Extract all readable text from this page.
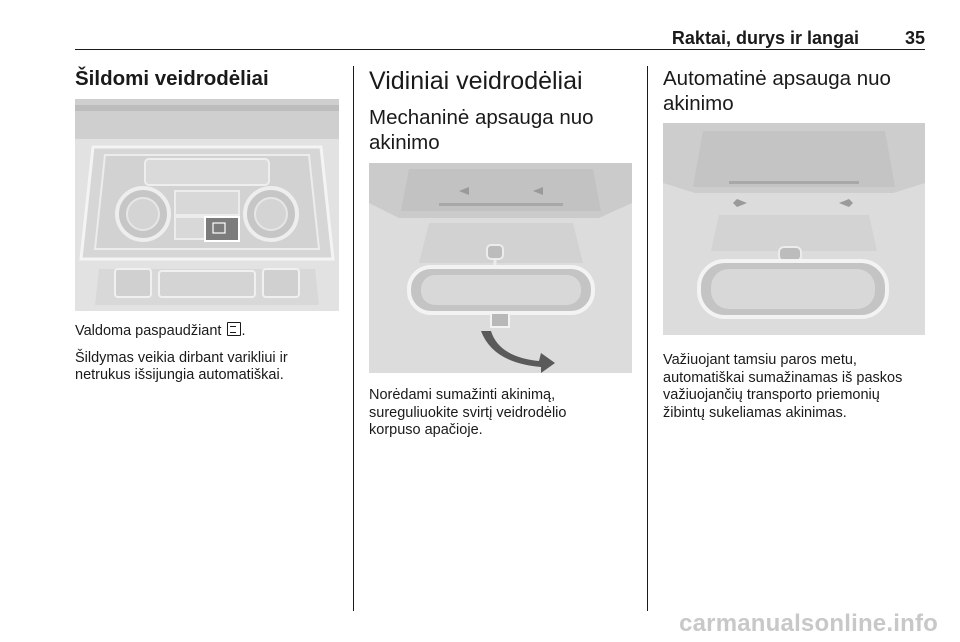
Raktai, durys ir langai	35

Šildomi veidrodėliai

Valdoma paspaudžiant .

Šildymas veikia dirbant varikliui ir

netrukus išsijungia automatiškai.

Vidiniai veidrodėliai

Mechaninė apsauga nuo

akinimo

Norėdami sumažinti akinimą,

sureguliuokite svirtį veidrodėlio

korpuso apačioje.

Automatinė apsauga nuo

akinimo

Važiuojant tamsiu paros metu,

automatiškai sumažinamas iš paskos

važiuojančių transporto priemonių

žibintų sukeliamas akinimas.

carmanualsonline.info
